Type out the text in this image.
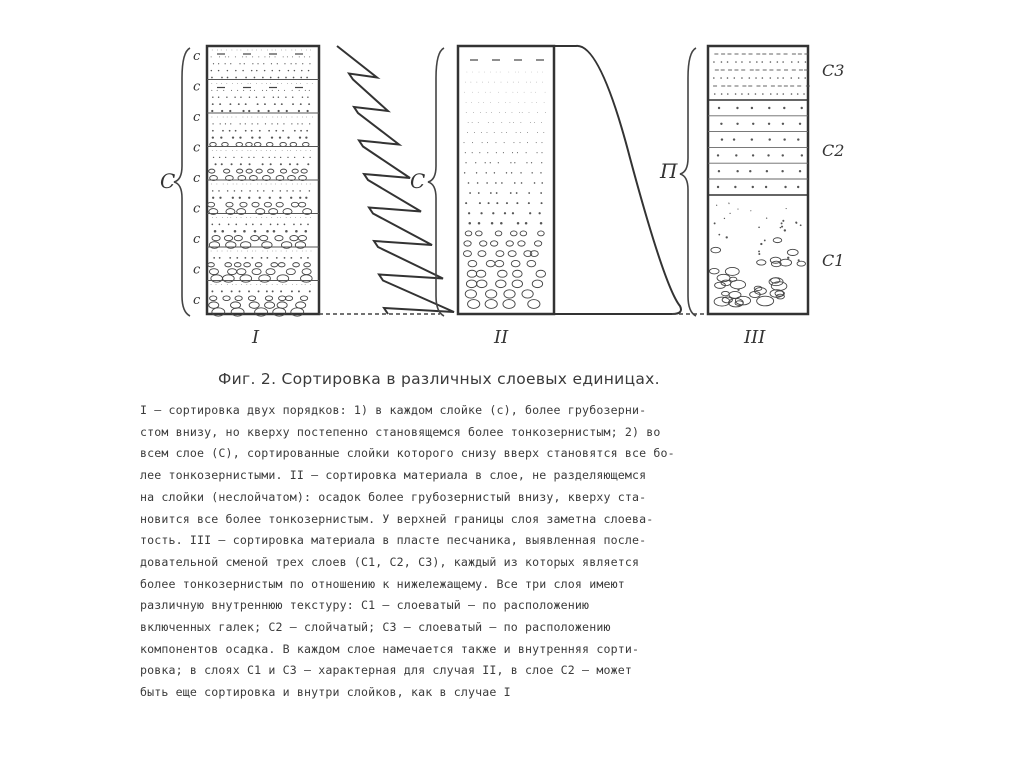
С
с
с
с
с
с
с
с
с
с
I
С
II
П
С3
С2
С1
III
Фиг. 2. Сортировка в различных слоевых единицах.
I — сортировка двух порядков: 1) в каждом слойке (с), более грубозерни-
стом внизу, но кверху постепенно становящемся более тонкозернистым; 2) во
всем слое (С), сортированные слойки которого снизу вверх становятся все бо-
лее тонкозернистыми. II — сортировка материала в слое, не разделяющемся
на слойки (неслойчатом): осадок более грубозернистый внизу, кверху ста-
новится все более тонкозернистым. У верхней границы слоя заметна слоева-
тость. III — сортировка материала в пласте песчаника, выявленная после-
довательной сменой трех слоев (С1, С2, С3), каждый из которых является
более тонкозернистым по отношению к нижележащему. Все три слоя имеют
различную внутреннюю текстуру: С1 — слоеватый — по расположению
включенных галек; С2 — слойчатый; С3 — слоеватый — по расположению
компонентов осадка. В каждом слое намечается также и внутренняя сорти-
ровка; в слоях С1 и С3 — характерная для случая II, в слое С2 — может
быть еще сортировка и внутри слойков, как в случае I
